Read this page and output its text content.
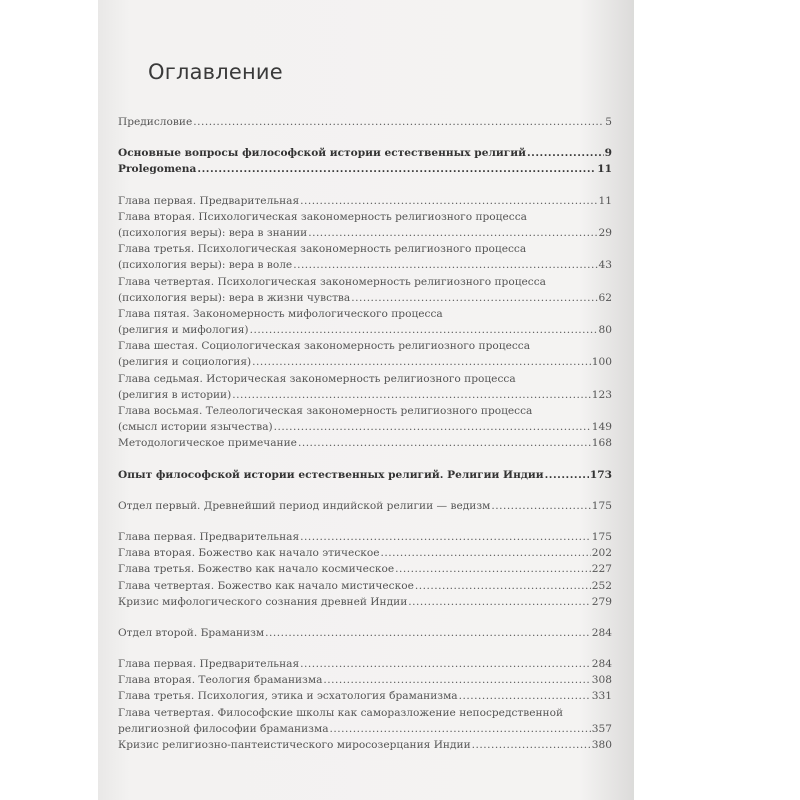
Оглавление
Предисловие .....	5
Основные вопросы философской истории естественных религий .....	9
Prolegomena .....	11
Глава первая. Предварительная .....	11
Глава вторая. Психологическая закономерность религиозного процесса
(психология веры): вера в знании .....	29
Глава третья. Психологическая закономерность религиозного процесса
(психология веры): вера в воле .....	43
Глава четвертая. Психологическая закономерность религиозного процесса
(психология веры): вера в жизни чувства .....	62
Глава пятая. Закономерность мифологического процесса
(религия и мифология) .....	80
Глава шестая. Социологическая закономерность религиозного процесса
(религия и социология) .....	100
Глава седьмая. Историческая закономерность религиозного процесса
(религия в истории) .....	123
Глава восьмая. Телеологическая закономерность религиозного процесса
(смысл истории язычества) .....	149
Методологическое примечание .....	168
Опыт философской истории естественных религий. Религии Индии .....	173
Отдел первый. Древнейший период индийской религии — ведизм .....	175
Глава первая. Предварительная .....	175
Глава вторая. Божество как начало этическое .....	202
Глава третья. Божество как начало космическое .....	227
Глава четвертая. Божество как начало мистическое .....	252
Кризис мифологического сознания древней Индии .....	279
Отдел второй. Браманизм .....	284
Глава первая. Предварительная .....	284
Глава вторая. Теология браманизма .....	308
Глава третья. Психология, этика и эсхатология браманизма .....	331
Глава четвертая. Философские школы как саморазложение непосредственной
религиозной философии браманизма .....	357
Кризис религиозно-пантеистического миросозерцания Индии .....	380
